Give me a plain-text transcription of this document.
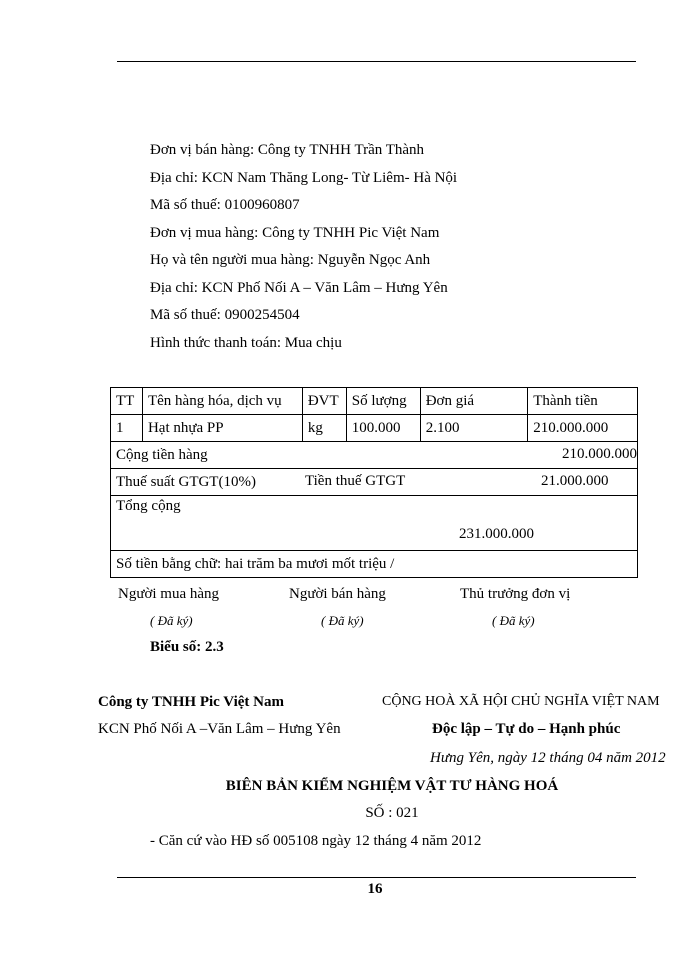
Đơn vị bán hàng: Công ty TNHH Trần Thành
Địa chỉ: KCN Nam Thăng Long- Từ Liêm- Hà Nội
Mã số thuế: 0100960807
Đơn vị mua hàng: Công ty TNHH Pic Việt Nam
Họ và tên người mua hàng: Nguyễn Ngọc Anh
Địa chỉ: KCN Phố Nối A – Văn Lâm – Hưng Yên
Mã số thuế: 0900254504
Hình thức thanh toán: Mua chịu
TT	Tên hàng hóa, dịch vụ	ĐVT	Số lượng	Đơn giá	Thành tiền
1	Hạt nhựa PP	kg	100.000	2.100	210.000.000
Cộng tiền hàng 210.000.000					

Thuế suất GTGT(10%) Tiền thuế GTGT 21.000.000					

Tổng cộng
231.000.000					

Số tiền bằng chữ: hai trăm ba mươi mốt triệu /					
Người mua hàng	Người bán hàng	Thủ trưởng đơn vị
( Đã ký)	( Đã ký)	( Đã ký)
Biểu số: 2.3
Công ty TNHH Pic Việt Nam	CỘNG HOÀ XÃ HỘI CHỦ NGHĨA VIỆT NAM
KCN Phố Nối A –Văn Lâm – Hưng Yên	Độc lập – Tự do – Hạnh phúc
Hưng Yên, ngày 12 tháng 04 năm 2012
BIÊN BẢN KIỂM NGHIỆM VẬT TƯ HÀNG HOÁ
SỐ : 021
- Căn cứ vào HĐ số 005108 ngày 12 tháng 4 năm 2012
16
